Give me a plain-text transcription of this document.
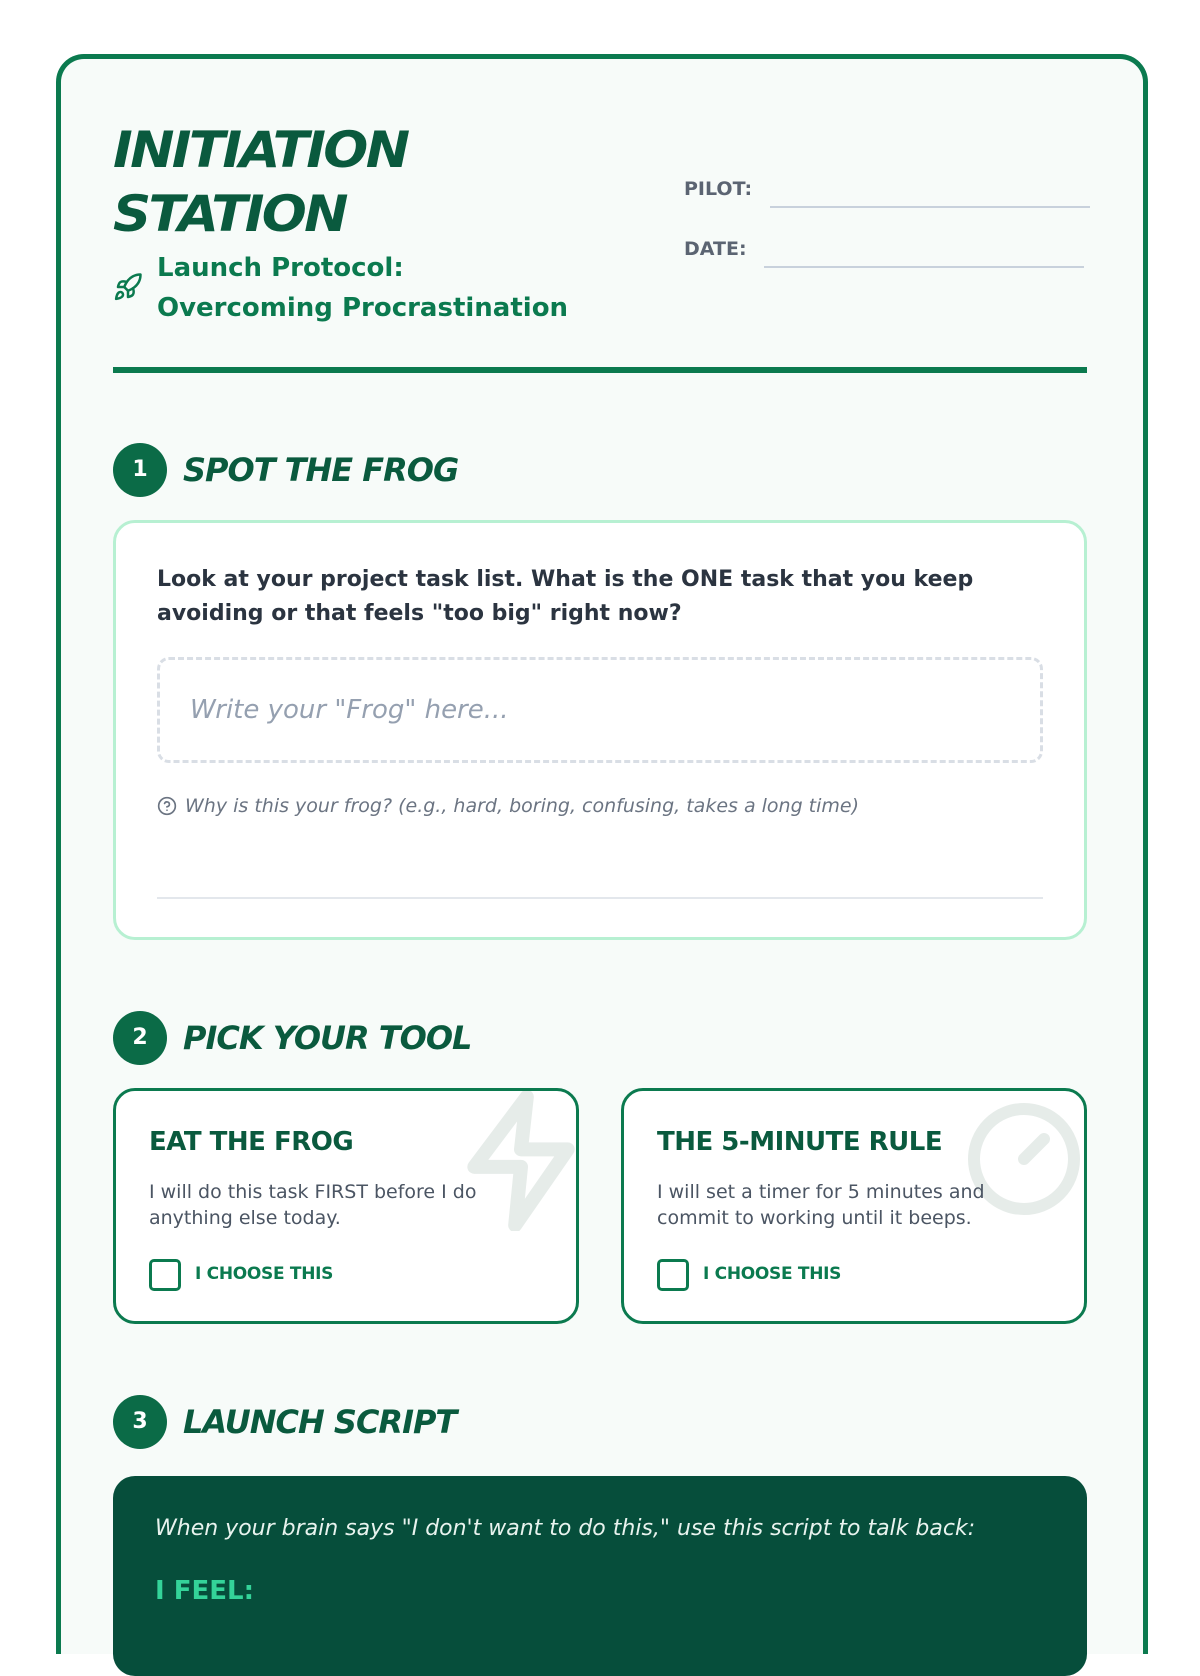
INITIATION
STATION

Launch Protocol: Overcoming Procrastination

PILOT:
DATE:
1	SPOT THE FROG

Look at your project task list. What is the ONE task that you keep avoiding or that feels "too big" right now?

Write your "Frog" here...

Why is this your frog? (e.g., hard, boring, confusing, takes a long time)

2	PICK YOUR TOOL
EAT THE FROG

I will do this task FIRST before I do anything else today.

I CHOOSE THIS
THE 5-MINUTE RULE

I will set a timer for 5 minutes and commit to working until it beeps.

I CHOOSE THIS
3	LAUNCH SCRIPT

When your brain says "I don't want to do this," use this script to talk back:

I FEEL:
